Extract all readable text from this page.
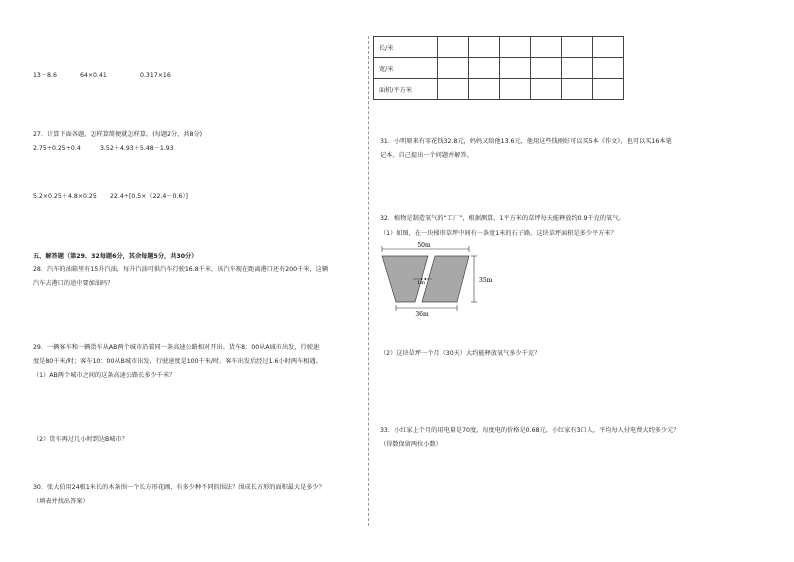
13－8.6	64×0.41	0.317×16
27．计算下面各题，怎样算简便就怎样算。(每题2分，共8分)
2.75÷0.25÷0.4	3.52＋4.93＋5.48－1.93
5.2×0.25＋4.8×0.25 22.4÷[0.5×（22.4－0.6）]
五、解答题（第29、32每题6分，其余每题5分，共30分）
28．汽车的油箱里有15升汽油，每升汽油可供汽车行驶16.8千米，该汽车现在距离港口还有200千米，这辆
汽车去港口的途中要加油吗？
29．一辆客车和一辆货车从AB两个城市沿着同一条高速公路相对开出。货车8：00从A城市出发，行驶速
度是80千米/时；客车10：00从B城市出发，行驶速度是100千米/时。客车出发后经过1.6小时两车相遇。
（1）AB两个城市之间的这条高速公路长多少千米？
（2）货车再过几小时到达B城市？
30．张大伯用24根1米长的木条围一个长方形花圃，有多少种不同的围法？围成长方形的面积最大是多少？
（填表并找出答案）
长/米						
宽/米						
面积/平方米						
31．小明原来有零花钱32.8元，妈妈又给他13.6元，他用这些钱刚好可以买5本《作文》，也可以买16本笔
记本。自己提出一个问题并解答。
32．植物是制造氧气的“工厂”，根据测算，1平方米的草坪每天能释放约0.9千克的氧气。
（1）如图，在一块梯形草坪中间有一条宽1米的石子路。这块草坪面积是多少平方米？
50m
1m	35m
36m
（2）这块草坪一个月（30天）大约能释放氧气多少千克？
33．小红家上个月的用电量是70度，每度电的价格是0.68元。小红家有3口人，平均每人付电费大约多少元？
（得数保留两位小数）
